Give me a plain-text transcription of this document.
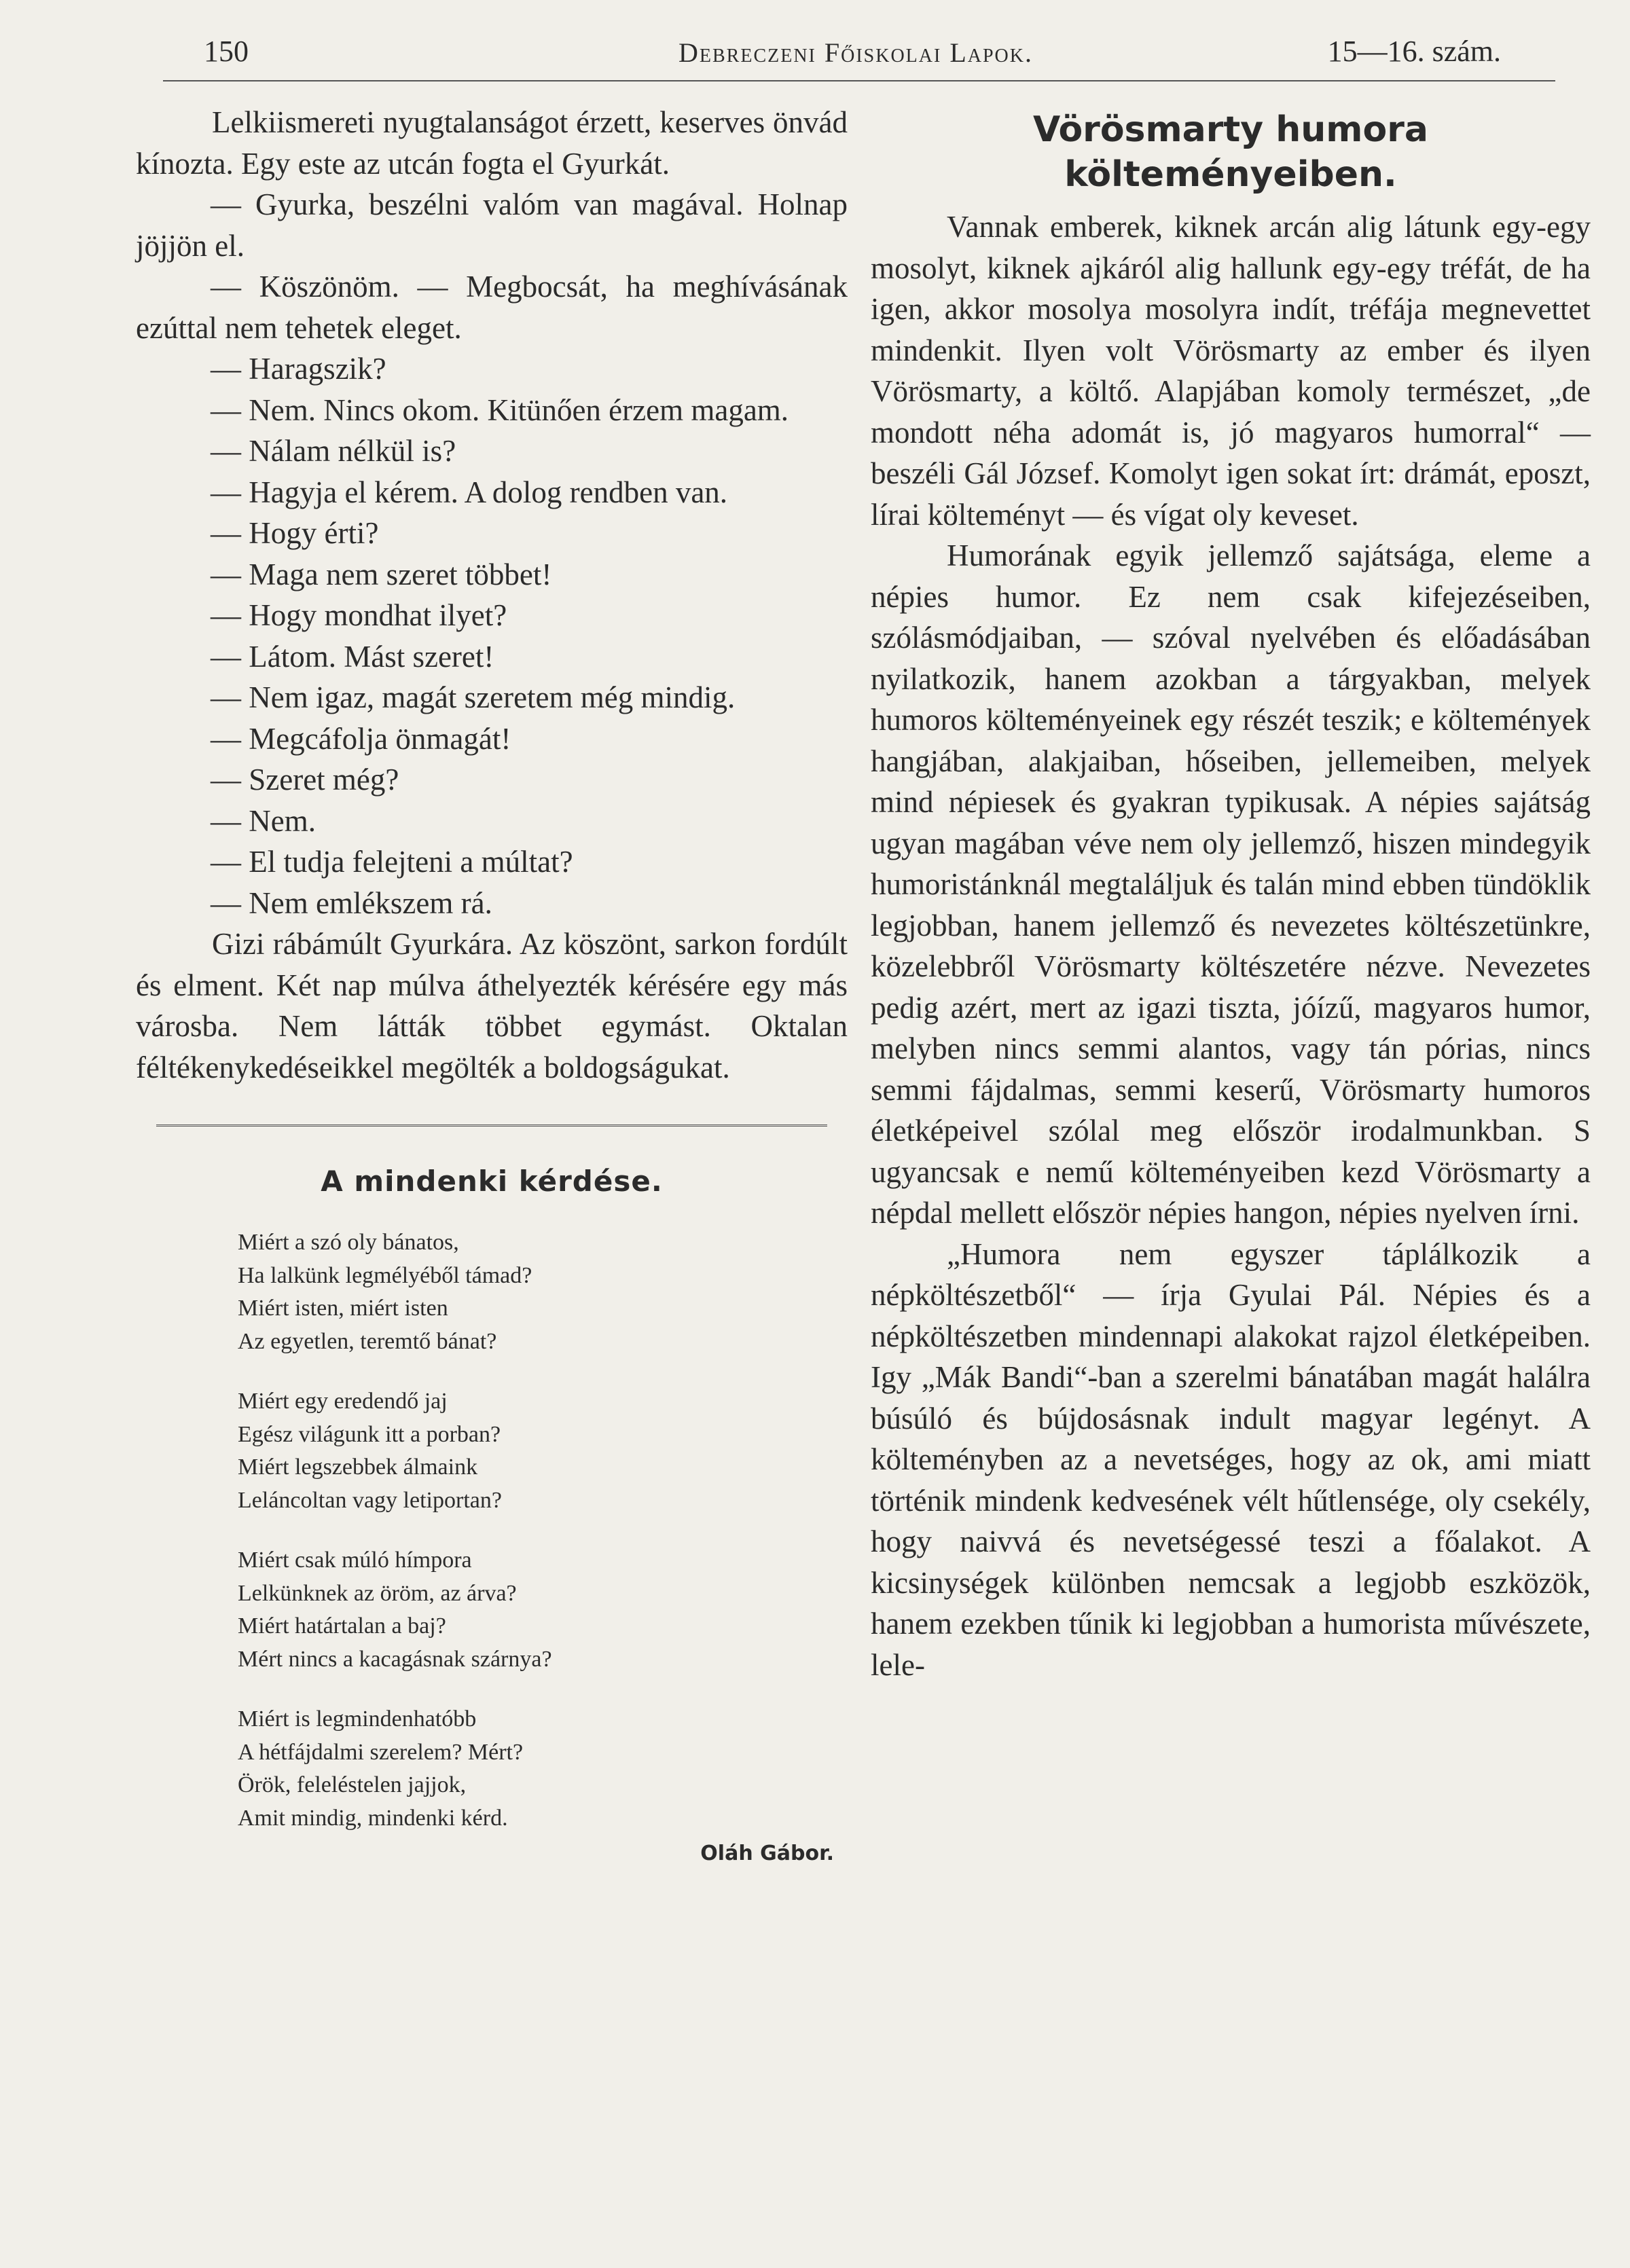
150	Debreczeni Főiskolai Lapok.	15—16. szám.

Lelkiismereti nyugtalanságot érzett, keserves önvád kínozta. Egy este az utcán fogta el Gyurkát.

— Gyurka, beszélni valóm van magával. Holnap jöjjön el.

— Köszönöm. — Megbocsát, ha meghívásának ezúttal nem tehetek eleget.

— Haragszik?

— Nem. Nincs okom. Kitünően érzem magam.

— Nálam nélkül is?

— Hagyja el kérem. A dolog rendben van.

— Hogy érti?

— Maga nem szeret többet!

— Hogy mondhat ilyet?

— Látom. Mást szeret!

— Nem igaz, magát szeretem még mindig.

— Megcáfolja önmagát!

— Szeret még?

— Nem.

— El tudja felejteni a múltat?

— Nem emlékszem rá.

Gizi rábámúlt Gyurkára. Az köszönt, sarkon fordúlt és elment. Két nap múlva áthelyezték kérésére egy más városba. Nem látták többet egymást. Oktalan féltékenykedéseikkel megölték a boldogságukat.

A mindenki kérdése.
Miért a szó oly bánatos,
Ha lalkünk legmélyéből támad?
Miért isten, miért isten
Az egyetlen, teremtő bánat?
Miért egy eredendő jaj
Egész világunk itt a porban?
Miért legszebbek álmaink
Leláncoltan vagy letiportan?
Miért csak múló hímpora
Lelkünknek az öröm, az árva?
Miért határtalan a baj?
Mért nincs a kacagásnak szárnya?
Miért is legmindenhatóbb
A hétfájdalmi szerelem? Mért?
Örök, feleléstelen jajjok,
Amit mindig, mindenki kérd.
Oláh Gábor.
Vörösmarty humora költeményeiben.

Vannak emberek, kiknek arcán alig látunk egy-egy mosolyt, kiknek ajkáról alig hallunk egy-egy tréfát, de ha igen, akkor mosolya mosolyra indít, tréfája megnevettet mindenkit. Ilyen volt Vörösmarty az ember és ilyen Vörösmarty, a költő. Alapjában komoly természet, „de mondott néha adomát is, jó magyaros humorral“ — beszéli Gál József. Komolyt igen sokat írt: drámát, eposzt, lírai költeményt — és vígat oly keveset.

Humorának egyik jellemző sajátsága, eleme a népies humor. Ez nem csak kifejezéseiben, szólásmódjaiban, — szóval nyelvében és előadásában nyilatkozik, hanem azokban a tárgyakban, melyek humoros költeményeinek egy részét teszik; e költemények hangjában, alakjaiban, hőseiben, jellemeiben, melyek mind népiesek és gyakran typikusak. A népies sajátság ugyan magában véve nem oly jellemző, hiszen mindegyik humoristánknál megtaláljuk és talán mind ebben tündöklik legjobban, hanem jellemző és nevezetes költészetünkre, közelebbről Vörösmarty költészetére nézve. Nevezetes pedig azért, mert az igazi tiszta, jóízű, magyaros humor, melyben nincs semmi alantos, vagy tán pórias, nincs semmi fájdalmas, semmi keserű, Vörösmarty humoros életképeivel szólal meg először irodalmunkban. S ugyancsak e nemű költeményeiben kezd Vörösmarty a népdal mellett először népies hangon, népies nyelven írni.

„Humora nem egyszer táplálkozik a népköltészetből“ — írja Gyulai Pál. Népies és a népköltészetben mindennapi alakokat rajzol életképeiben. Igy „Mák Bandi“-ban a szerelmi bánatában magát halálra búsúló és bújdosásnak indult magyar legényt. A költeményben az a nevetséges, hogy az ok, ami miatt történik mindenk kedvesének vélt hűtlensége, oly csekély, hogy naivvá és nevetségessé teszi a főalakot. A kicsinységek különben nemcsak a legjobb eszközök, hanem ezekben tűnik ki legjobban a humorista művészete, lele-
